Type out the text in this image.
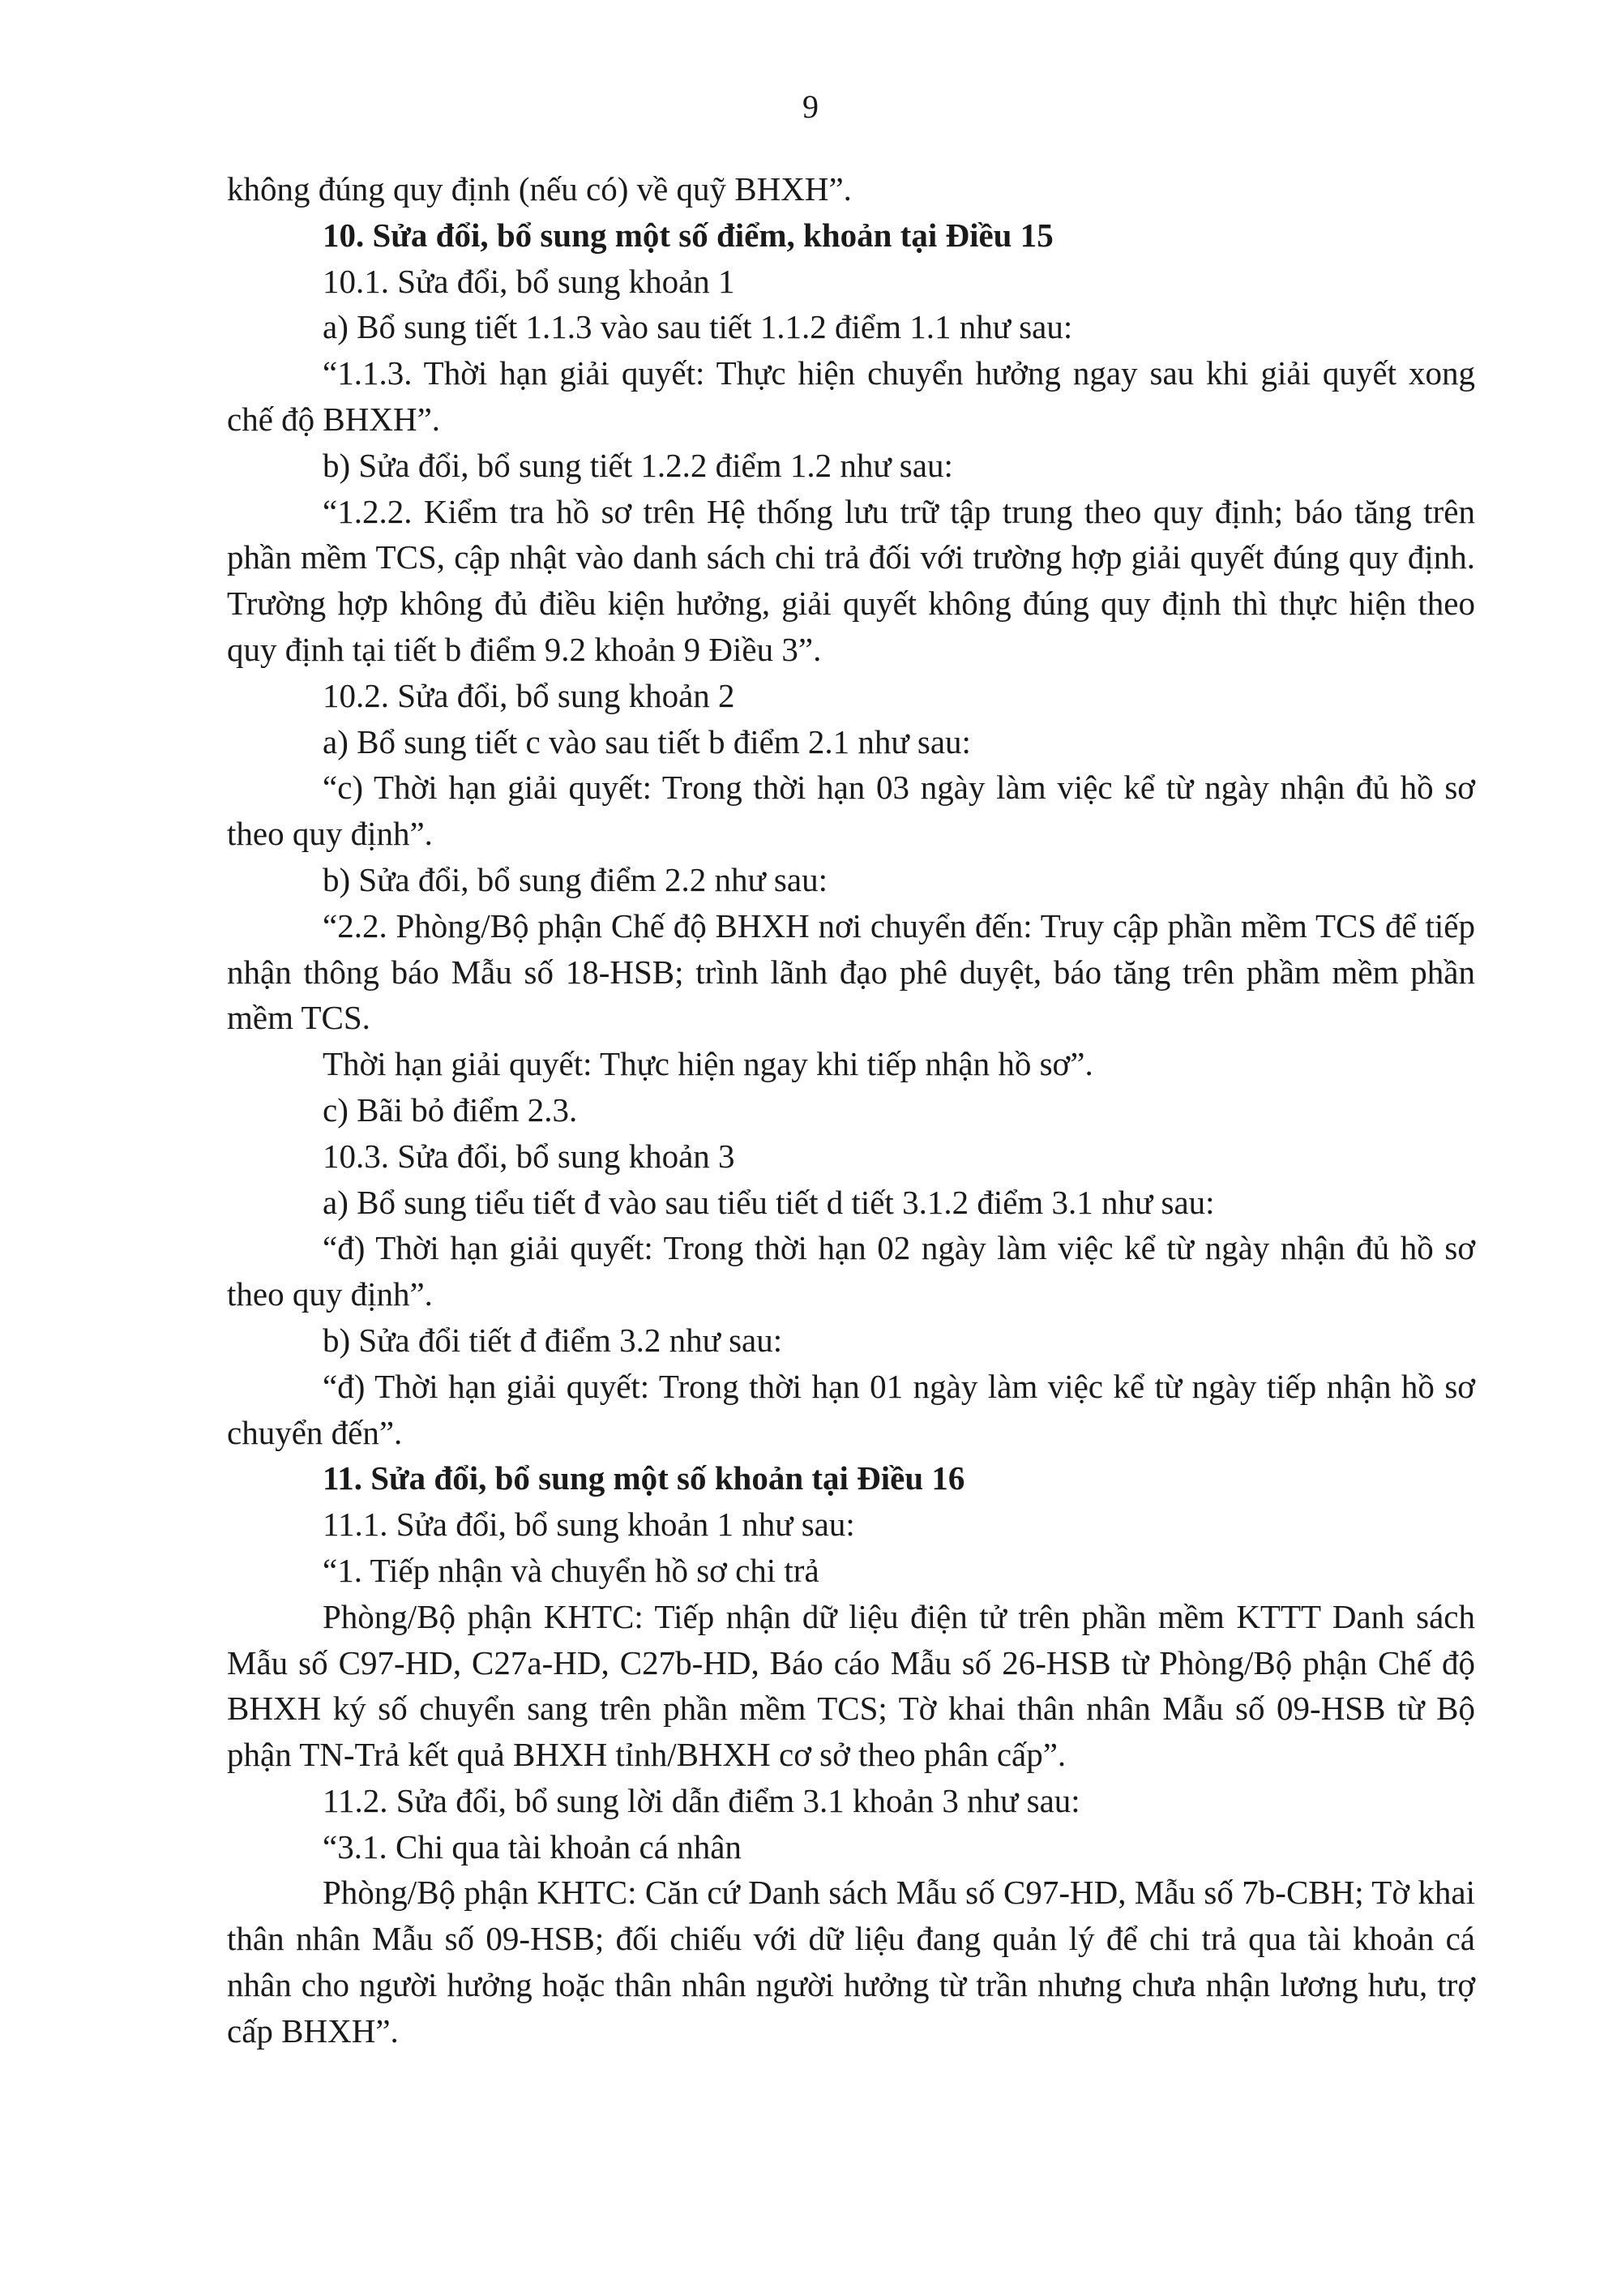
9

không đúng quy định (nếu có) về quỹ BHXH”.

10. Sửa đổi, bổ sung một số điểm, khoản tại Điều 15

10.1. Sửa đổi, bổ sung khoản 1

a) Bổ sung tiết 1.1.3 vào sau tiết 1.1.2 điểm 1.1 như sau:

“1.1.3. Thời hạn giải quyết: Thực hiện chuyển hưởng ngay sau khi giải quyết xong chế độ BHXH”.

b) Sửa đổi, bổ sung tiết 1.2.2 điểm 1.2 như sau:

“1.2.2. Kiểm tra hồ sơ trên Hệ thống lưu trữ tập trung theo quy định; báo tăng trên phần mềm TCS, cập nhật vào danh sách chi trả đối với trường hợp giải quyết đúng quy định. Trường hợp không đủ điều kiện hưởng, giải quyết không đúng quy định thì thực hiện theo quy định tại tiết b điểm 9.2 khoản 9 Điều 3”.

10.2. Sửa đổi, bổ sung khoản 2

a) Bổ sung tiết c vào sau tiết b điểm 2.1 như sau:

“c) Thời hạn giải quyết: Trong thời hạn 03 ngày làm việc kể từ ngày nhận đủ hồ sơ theo quy định”.

b) Sửa đổi, bổ sung điểm 2.2 như sau:

“2.2. Phòng/Bộ phận Chế độ BHXH nơi chuyển đến: Truy cập phần mềm TCS để tiếp nhận thông báo Mẫu số 18-HSB; trình lãnh đạo phê duyệt, báo tăng trên phầm mềm phần mềm TCS.

Thời hạn giải quyết: Thực hiện ngay khi tiếp nhận hồ sơ”.

c) Bãi bỏ điểm 2.3.

10.3. Sửa đổi, bổ sung khoản 3

a) Bổ sung tiểu tiết đ vào sau tiểu tiết d tiết 3.1.2 điểm 3.1 như sau:

“đ) Thời hạn giải quyết: Trong thời hạn 02 ngày làm việc kể từ ngày nhận đủ hồ sơ theo quy định”.

b) Sửa đổi tiết đ điểm 3.2 như sau:

“đ) Thời hạn giải quyết: Trong thời hạn 01 ngày làm việc kể từ ngày tiếp nhận hồ sơ chuyển đến”.

11. Sửa đổi, bổ sung một số khoản tại Điều 16

11.1. Sửa đổi, bổ sung khoản 1 như sau:

“1. Tiếp nhận và chuyển hồ sơ chi trả

Phòng/Bộ phận KHTC: Tiếp nhận dữ liệu điện tử trên phần mềm KTTT Danh sách Mẫu số C97-HD, C27a-HD, C27b-HD, Báo cáo Mẫu số 26-HSB từ Phòng/Bộ phận Chế độ BHXH ký số chuyển sang trên phần mềm TCS; Tờ khai thân nhân Mẫu số 09-HSB từ Bộ phận TN-Trả kết quả BHXH tỉnh/BHXH cơ sở theo phân cấp”.

11.2. Sửa đổi, bổ sung lời dẫn điểm 3.1 khoản 3 như sau:

“3.1. Chi qua tài khoản cá nhân

Phòng/Bộ phận KHTC: Căn cứ Danh sách Mẫu số C97-HD, Mẫu số 7b-CBH; Tờ khai thân nhân Mẫu số 09-HSB; đối chiếu với dữ liệu đang quản lý để chi trả qua tài khoản cá nhân cho người hưởng hoặc thân nhân người hưởng từ trần nhưng chưa nhận lương hưu, trợ cấp BHXH”.
